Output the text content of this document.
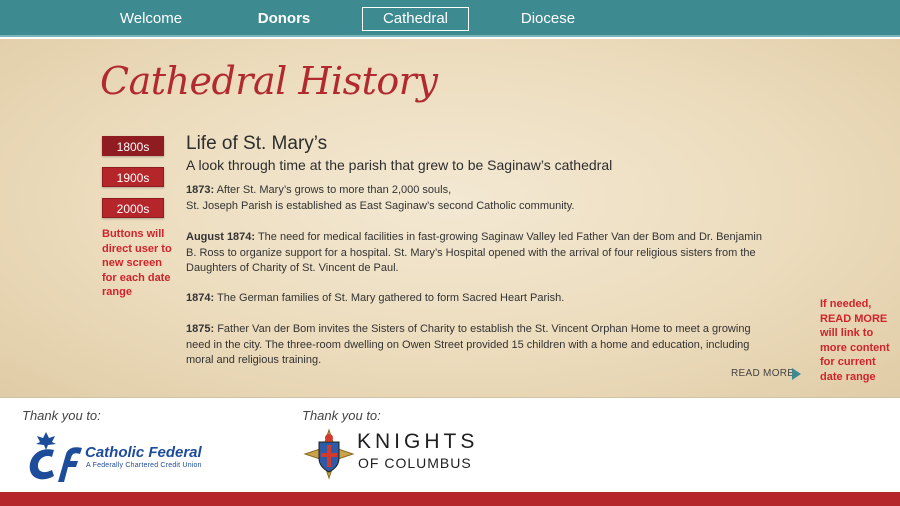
Welcome	Donors	Cathedral	Diocese
Cathedral History
1800s
1900s
2000s
Buttons will
direct user to
new screen
for each date
range
Life of St. Mary’s
A look through time at the parish that grew to be Saginaw’s cathedral
1873: After St. Mary’s grows to more than 2,000 souls,
St. Joseph Parish is established as East Saginaw’s second Catholic community.
August 1874: The need for medical facilities in fast-growing Saginaw Valley led Father Van der Bom and Dr. Benjamin
B. Ross to organize support for a hospital. St. Mary’s Hospital opened with the arrival of four religious sisters from the
Daughters of Charity of St. Vincent de Paul.
1874: The German families of St. Mary gathered to form Sacred Heart Parish.
1875: Father Van der Bom invites the Sisters of Charity to establish the St. Vincent Orphan Home to meet a growing
need in the city. The three-room dwelling on Owen Street provided 15 children with a home and education, including
moral and religious training.
READ MORE
If needed,
READ MORE
will link to
more content
for current
date range
Thank you to:	Thank you to:
Catholic Federal
A Federally Chartered Credit Union
KNIGHTS
OF COLUMBUS
